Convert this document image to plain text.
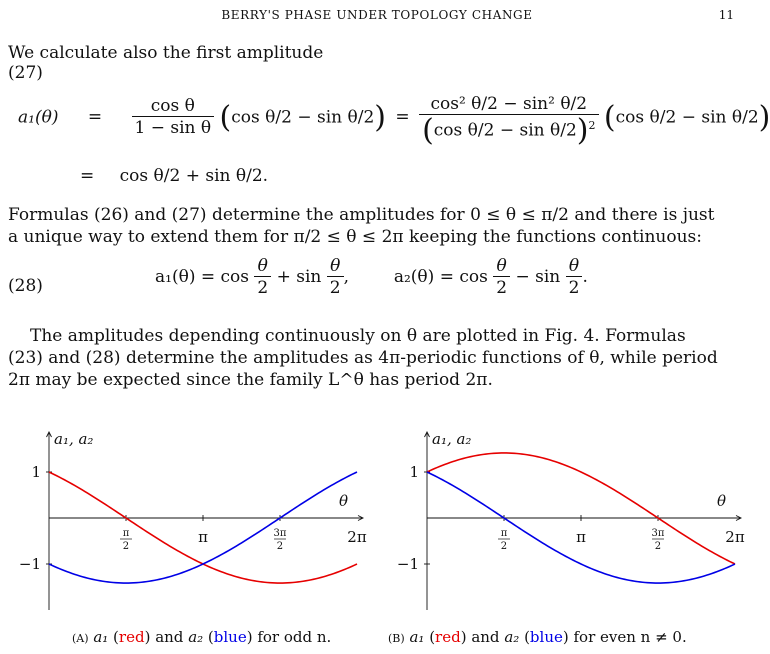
BERRY'S PHASE UNDER TOPOLOGY CHANGE	11
We calculate also the first amplitude
(27)
$a_1(\theta) = \frac{\text{cos θ}}{\text{1 − sin θ}} (\cos$ $\theta/2 - \sin \theta/2) = \frac{\text{cos² θ/2 − sin² θ/2}}{(\cos \theta/2 - \sin \theta/2)^2} (\cos$ θ/2 − sin θ/2)
= cos θ/2 + sin θ/2.
Formulas (26) and (27) determine the amplitudes for 0 ≤ θ ≤ π/2 and there is just
a unique way to extend them for π/2 ≤ θ ≤ 2π keeping the functions continuous:
(28)	$a_1(\theta) = \cos \frac{\theta}{2} + \sin \frac{\theta}{2}$ ,	$a_2(\theta) = \cos \frac{\theta}{2} - \sin \frac{\theta}{2}$ .
The amplitudes depending continuously on θ are plotted in Fig. 4. Formulas
(23) and (28) determine the amplitudes as 4π-periodic functions of θ, while period
2π may be expected since the family L^θ has period 2π.
a₁, a₂
θ
1
−1
π
2
π	3π
2
2π
a₁, a₂
θ
1
−1
π
2
π	3π
2
2π
(A) a₁ (red) and a₂ (blue) for odd n.	(B) a₁ (red) and a₂ (blue) for even n ≠ 0.
